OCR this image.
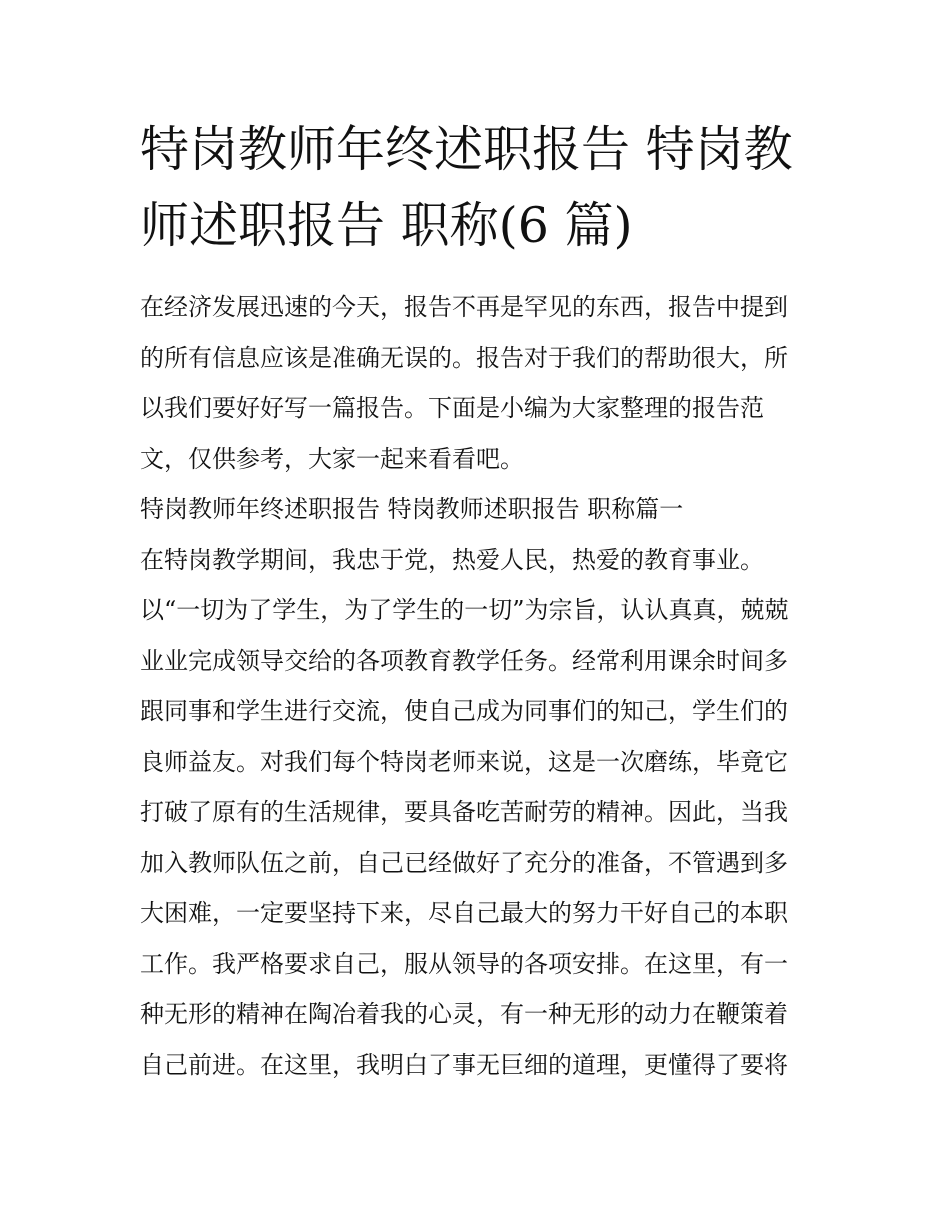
特岗教师年终述职报告 特岗教
师述职报告 职称(6 篇)
在经济发展迅速的今天，报告不再是罕见的东西，报告中提到
的所有信息应该是准确无误的。报告对于我们的帮助很大，所
以我们要好好写一篇报告。下面是小编为大家整理的报告范
文，仅供参考，大家一起来看看吧。
特岗教师年终述职报告 特岗教师述职报告 职称篇一
在特岗教学期间，我忠于党，热爱人民，热爱的教育事业。
以“一切为了学生，为了学生的一切”为宗旨，认认真真，兢兢
业业完成领导交给的各项教育教学任务。经常利用课余时间多
跟同事和学生进行交流，使自己成为同事们的知己，学生们的
良师益友。对我们每个特岗老师来说，这是一次磨练，毕竟它
打破了原有的生活规律，要具备吃苦耐劳的精神。因此，当我
加入教师队伍之前，自己已经做好了充分的准备，不管遇到多
大困难，一定要坚持下来，尽自己最大的努力干好自己的本职
工作。我严格要求自己，服从领导的各项安排。在这里，有一
种无形的精神在陶冶着我的心灵，有一种无形的动力在鞭策着
自己前进。在这里，我明白了事无巨细的道理，更懂得了要将
